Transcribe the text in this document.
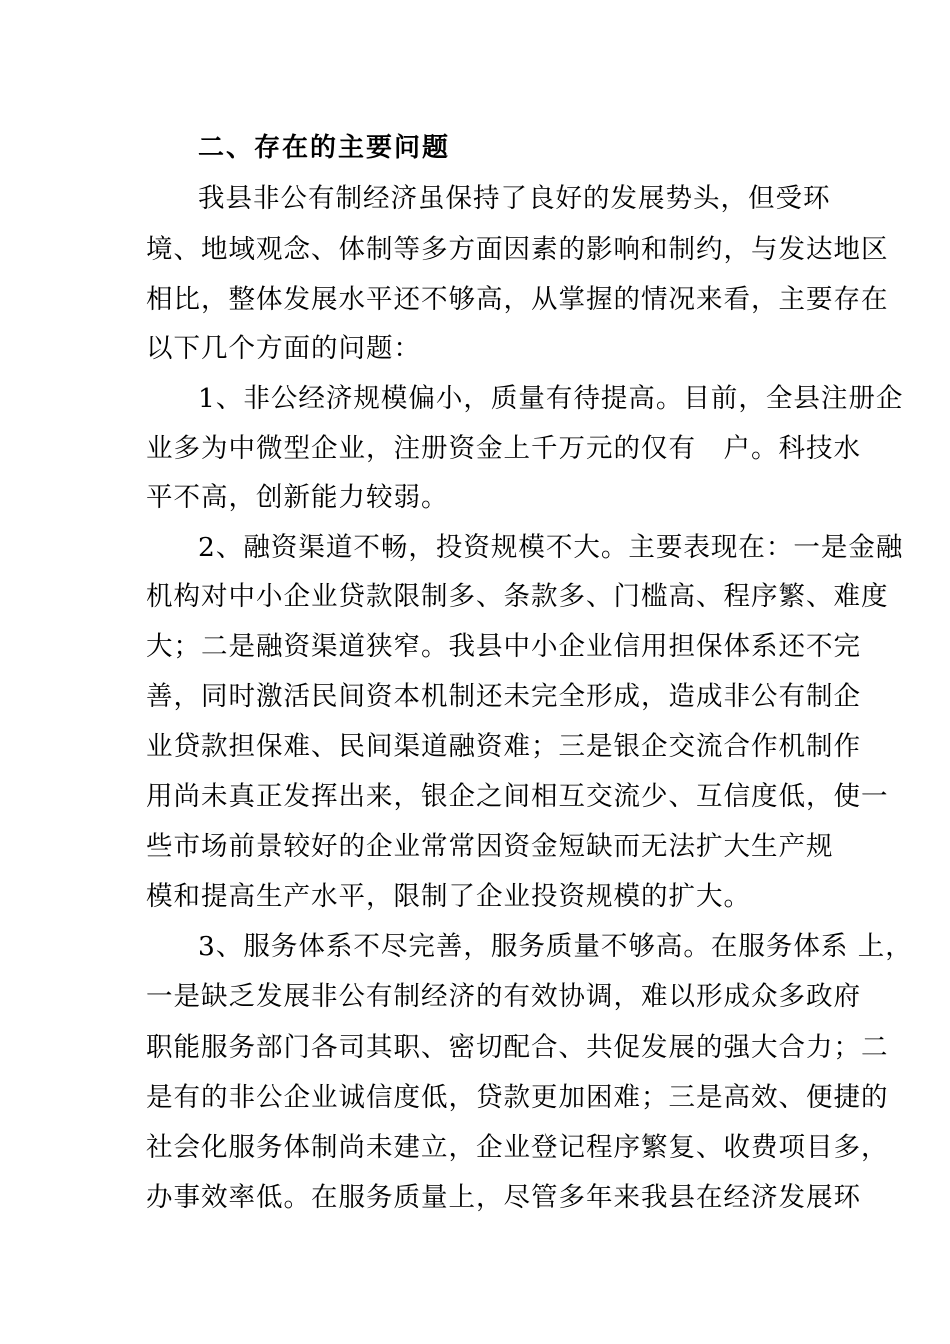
二、存在的主要问题
我县非公有制经济虽保持了良好的发展势头，但受环
境、地域观念、体制等多方面因素的影响和制约，与发达地区
相比，整体发展水平还不够高，从掌握的情况来看，主要存在
以下几个方面的问题：
1、非公经济规模偏小，质量有待提高。目前，全县注册企
业多为中微型企业，注册资金上千万元的仅有　户。科技水
平不高，创新能力较弱。
2、融资渠道不畅，投资规模不大。主要表现在：一是金融
机构对中小企业贷款限制多、条款多、门槛高、程序繁、难度
大；二是融资渠道狭窄。我县中小企业信用担保体系还不完
善，同时激活民间资本机制还未完全形成，造成非公有制企
业贷款担保难、民间渠道融资难；三是银企交流合作机制作
用尚未真正发挥出来，银企之间相互交流少、互信度低，使一
些市场前景较好的企业常常因资金短缺而无法扩大生产规
模和提高生产水平，限制了企业投资规模的扩大。
3、服务体系不尽完善，服务质量不够高。在服务体系 上，
一是缺乏发展非公有制经济的有效协调，难以形成众多政府
职能服务部门各司其职、密切配合、共促发展的强大合力；二
是有的非公企业诚信度低，贷款更加困难；三是高效、便捷的
社会化服务体制尚未建立，企业登记程序繁复、收费项目多，
办事效率低。在服务质量上，尽管多年来我县在经济发展环
